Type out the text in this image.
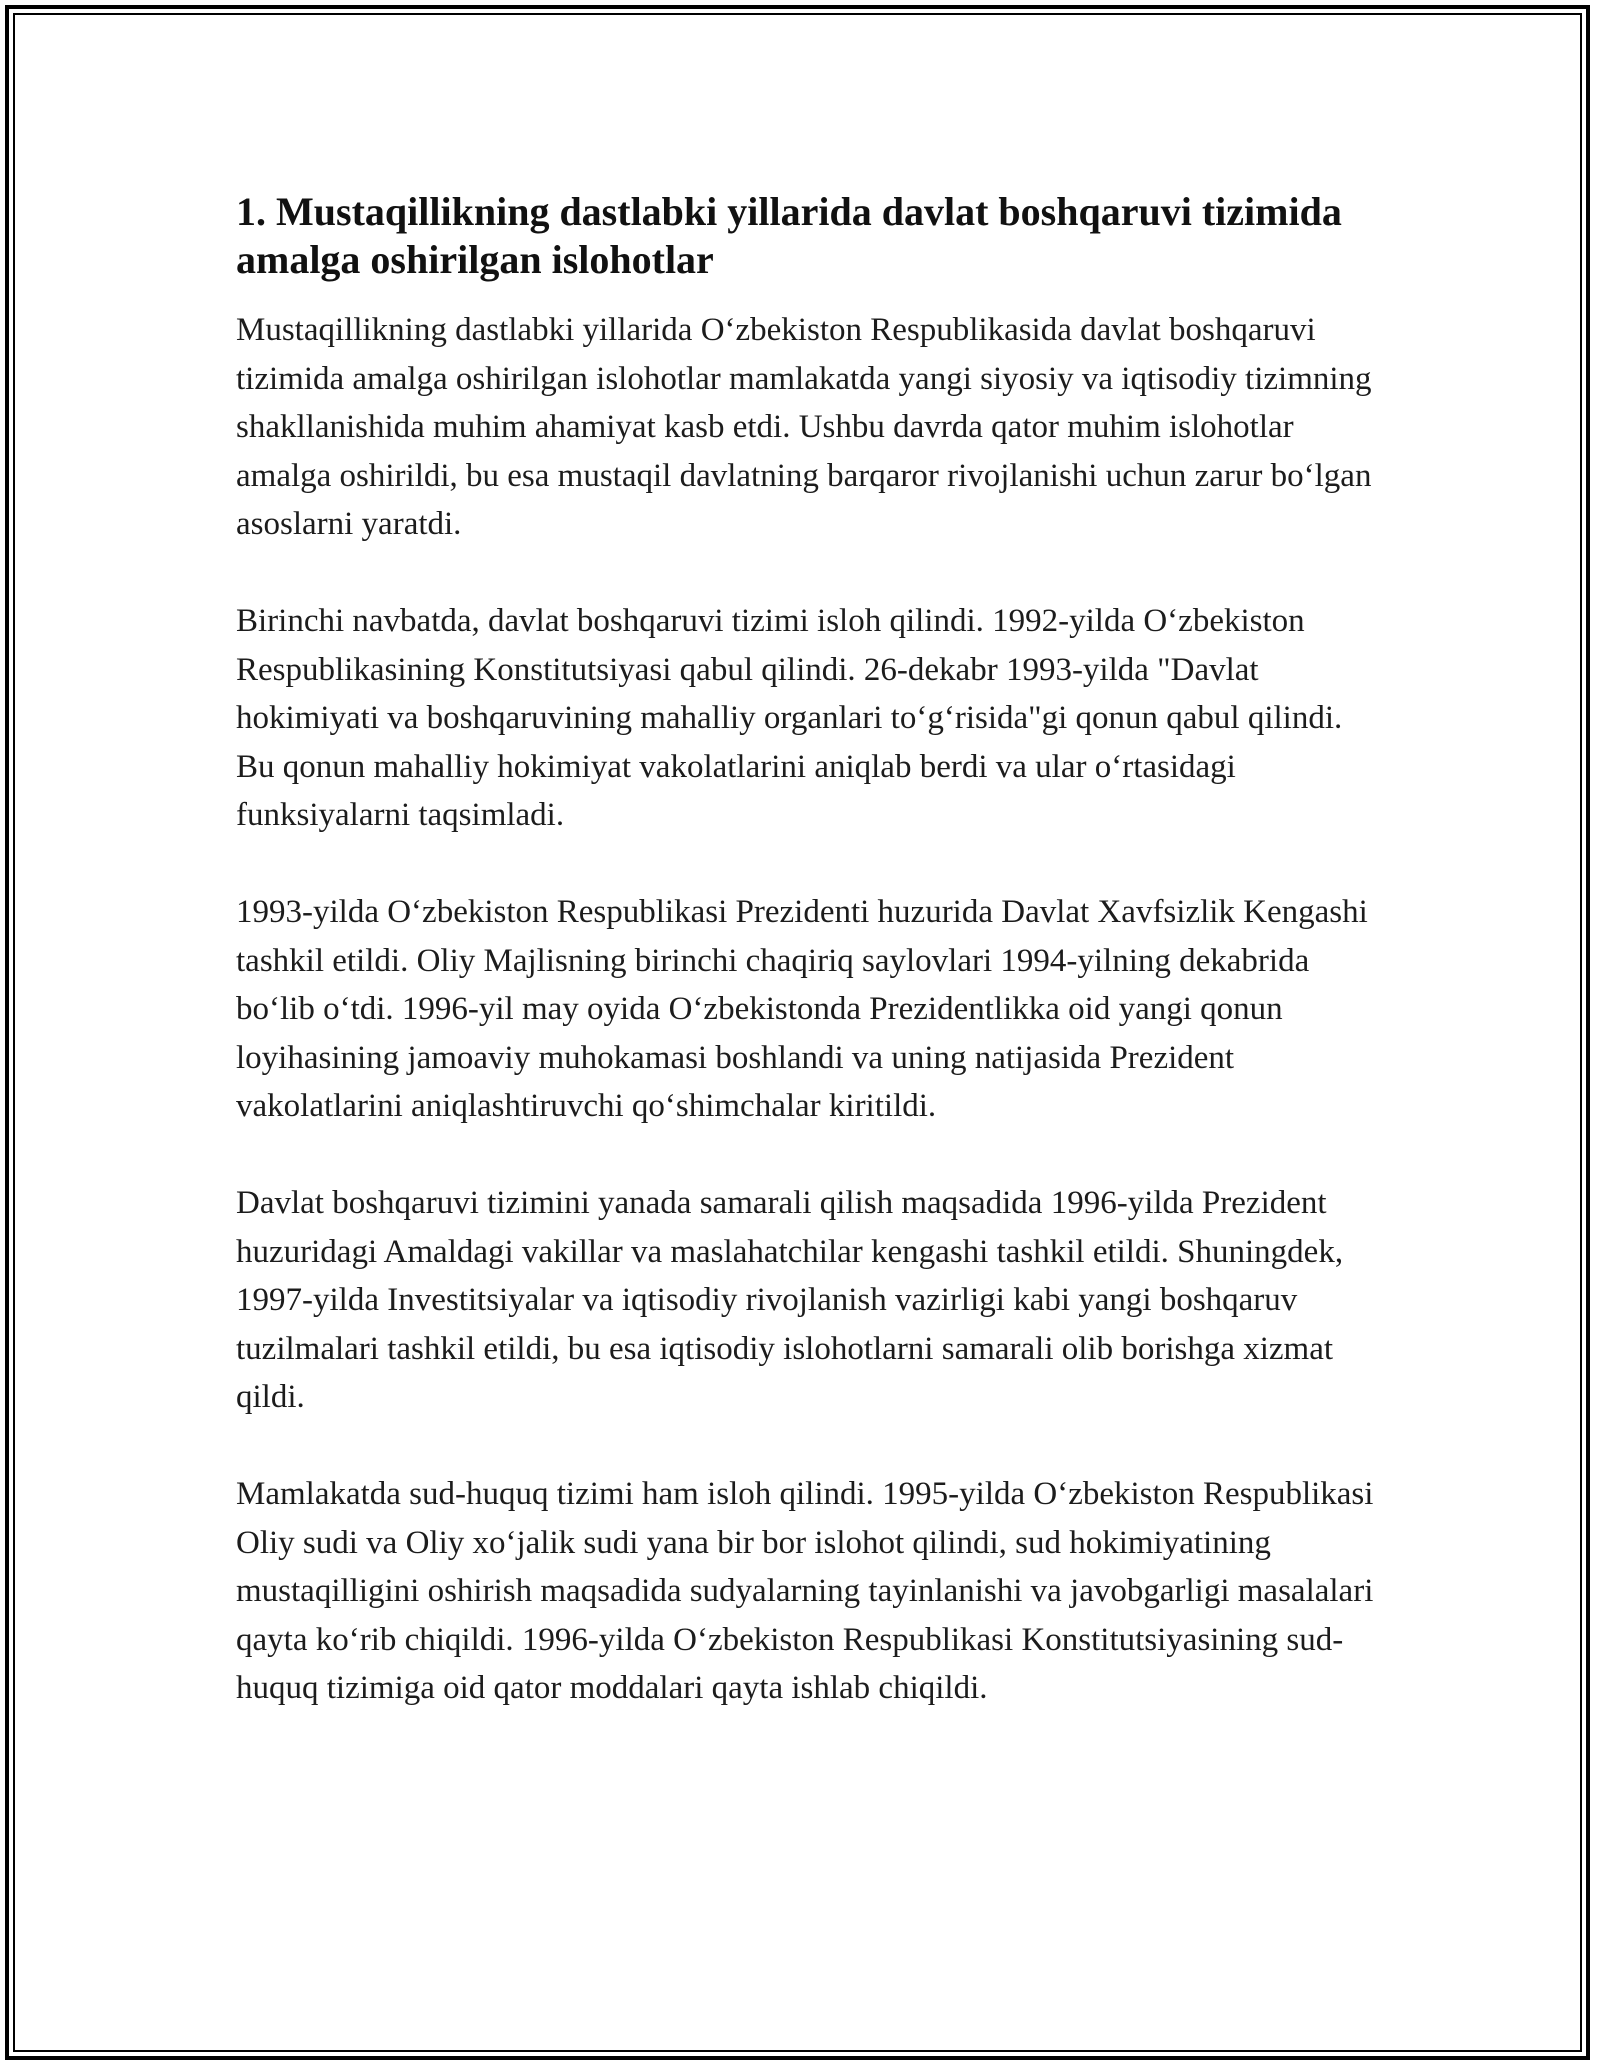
1. Mustaqillikning dastlabki yillarida davlat boshqaruvi tizimida amalga oshirilgan islohotlar

Mustaqillikning dastlabki yillarida O‘zbekiston Respublikasida davlat boshqaruvi tizimida amalga oshirilgan islohotlar mamlakatda yangi siyosiy va iqtisodiy tizimning shakllanishida muhim ahamiyat kasb etdi. Ushbu davrda qator muhim islohotlar amalga oshirildi, bu esa mustaqil davlatning barqaror rivojlanishi uchun zarur bo‘lgan asoslarni yaratdi.

Birinchi navbatda, davlat boshqaruvi tizimi isloh qilindi. 1992-yilda O‘zbekiston Respublikasining Konstitutsiyasi qabul qilindi. 26-dekabr 1993-yilda "Davlat hokimiyati va boshqaruvining mahalliy organlari to‘g‘risida"gi qonun qabul qilindi. Bu qonun mahalliy hokimiyat vakolatlarini aniqlab berdi va ular o‘rtasidagi funksiyalarni taqsimladi.

1993-yilda O‘zbekiston Respublikasi Prezidenti huzurida Davlat Xavfsizlik Kengashi tashkil etildi. Oliy Majlisning birinchi chaqiriq saylovlari 1994-yilning dekabrida bo‘lib o‘tdi. 1996-yil may oyida O‘zbekistonda Prezidentlikka oid yangi qonun loyihasining jamoaviy muhokamasi boshlandi va uning natijasida Prezident vakolatlarini aniqlashtiruvchi qo‘shimchalar kiritildi.

Davlat boshqaruvi tizimini yanada samarali qilish maqsadida 1996-yilda Prezident huzuridagi Amaldagi vakillar va maslahatchilar kengashi tashkil etildi. Shuningdek, 1997-yilda Investitsiyalar va iqtisodiy rivojlanish vazirligi kabi yangi boshqaruv tuzilmalari tashkil etildi, bu esa iqtisodiy islohotlarni samarali olib borishga xizmat qildi.

Mamlakatda sud-huquq tizimi ham isloh qilindi. 1995-yilda O‘zbekiston Respublikasi Oliy sudi va Oliy xo‘jalik sudi yana bir bor islohot qilindi, sud hokimiyatining mustaqilligini oshirish maqsadida sudyalarning tayinlanishi va javobgarligi masalalari qayta ko‘rib chiqildi. 1996-yilda O‘zbekiston Respublikasi Konstitutsiyasining sud-huquq tizimiga oid qator moddalari qayta ishlab chiqildi.
